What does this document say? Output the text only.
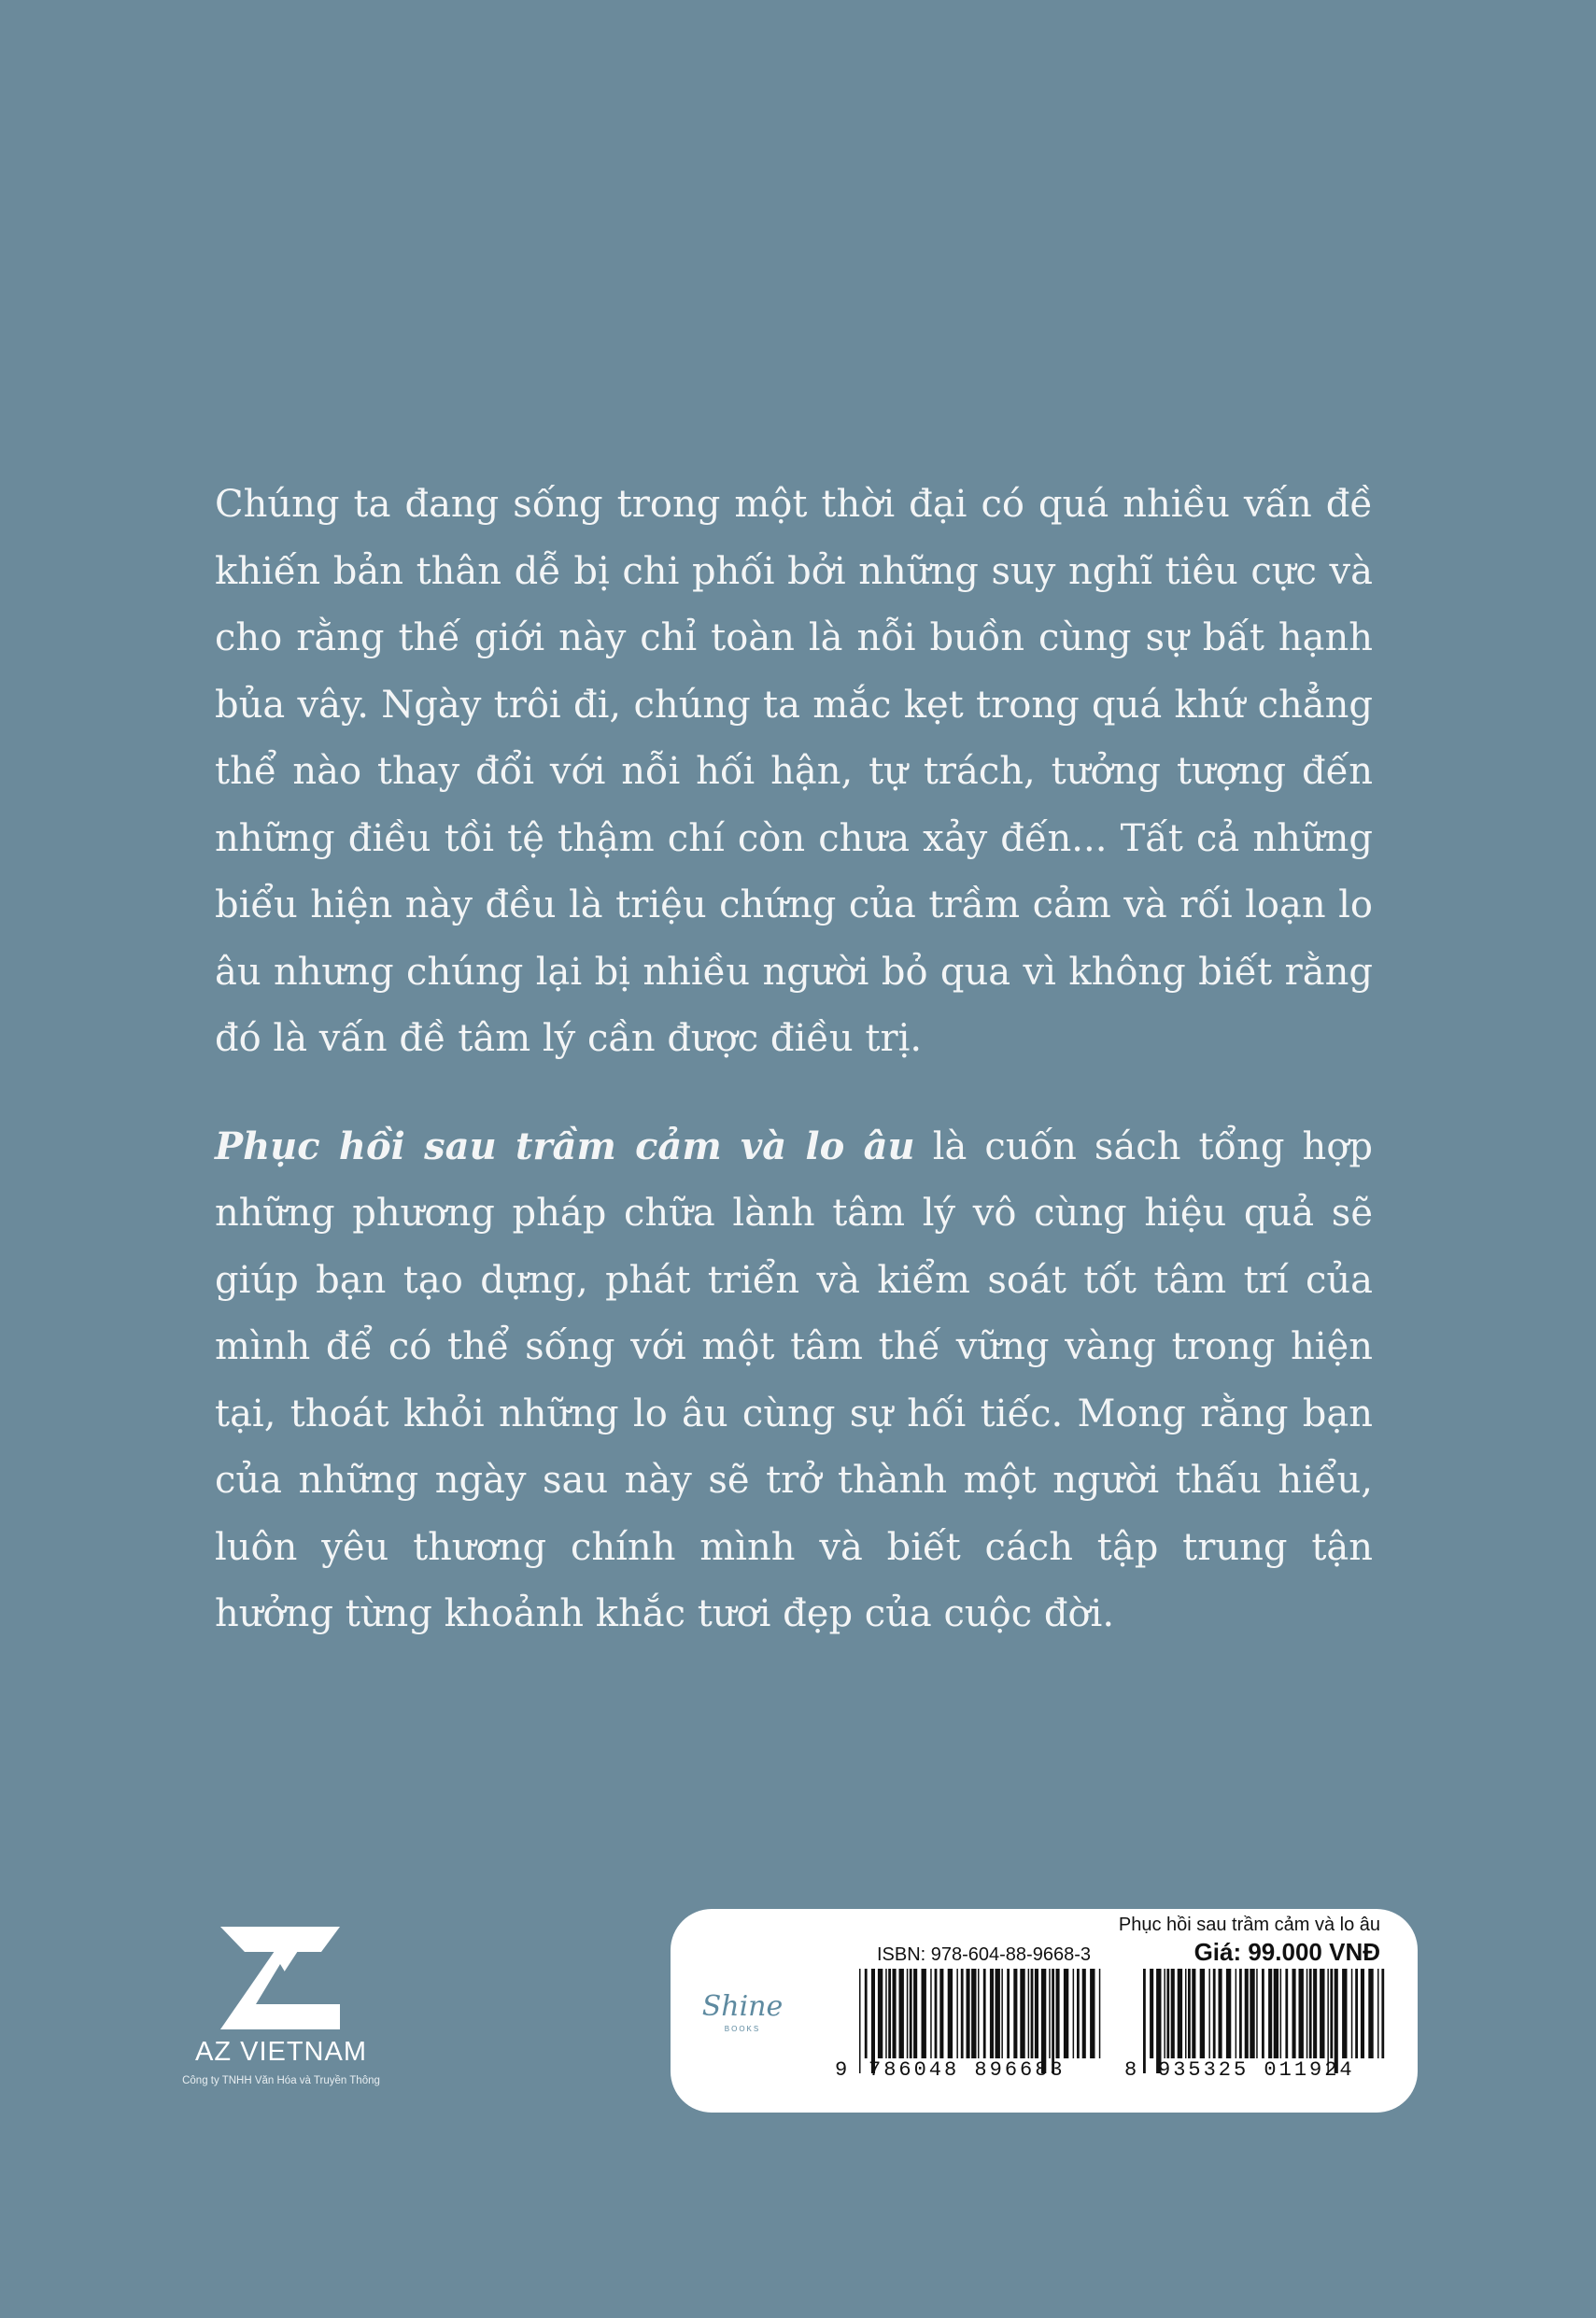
Chúng ta đang sống trong một thời đại có quá nhiều vấn đề khiến bản thân dễ bị chi phối bởi những suy nghĩ tiêu cực và cho rằng thế giới này chỉ toàn là nỗi buồn cùng sự bất hạnh bủa vây. Ngày trôi đi, chúng ta mắc kẹt trong quá khứ chẳng thể nào thay đổi với nỗi hối hận, tự trách, tưởng tượng đến những điều tồi tệ thậm chí còn chưa xảy đến... Tất cả những biểu hiện này đều là triệu chứng của trầm cảm và rối loạn lo âu nhưng chúng lại bị nhiều người bỏ qua vì không biết rằng đó là vấn đề tâm lý cần được điều trị.

Phục hồi sau trầm cảm và lo âu là cuốn sách tổng hợp những phương pháp chữa lành tâm lý vô cùng hiệu quả sẽ giúp bạn tạo dựng, phát triển và kiểm soát tốt tâm trí của mình để có thể sống với một tâm thế vững vàng trong hiện tại, thoát khỏi những lo âu cùng sự hối tiếc. Mong rằng bạn của những ngày sau này sẽ trở thành một người thấu hiểu, luôn yêu thương chính mình và biết cách tập trung tận hưởng từng khoảnh khắc tươi đẹp của cuộc đời.

AZ VIETNAM
Công ty TNHH Văn Hóa và Truyền Thông
Shine
BOOKS
ISBN: 978-604-88-9668-3
Phục hồi sau trầm cảm và lo âu
Giá: 99.000 VNĐ
9 786048 896683	8 935325 011924
